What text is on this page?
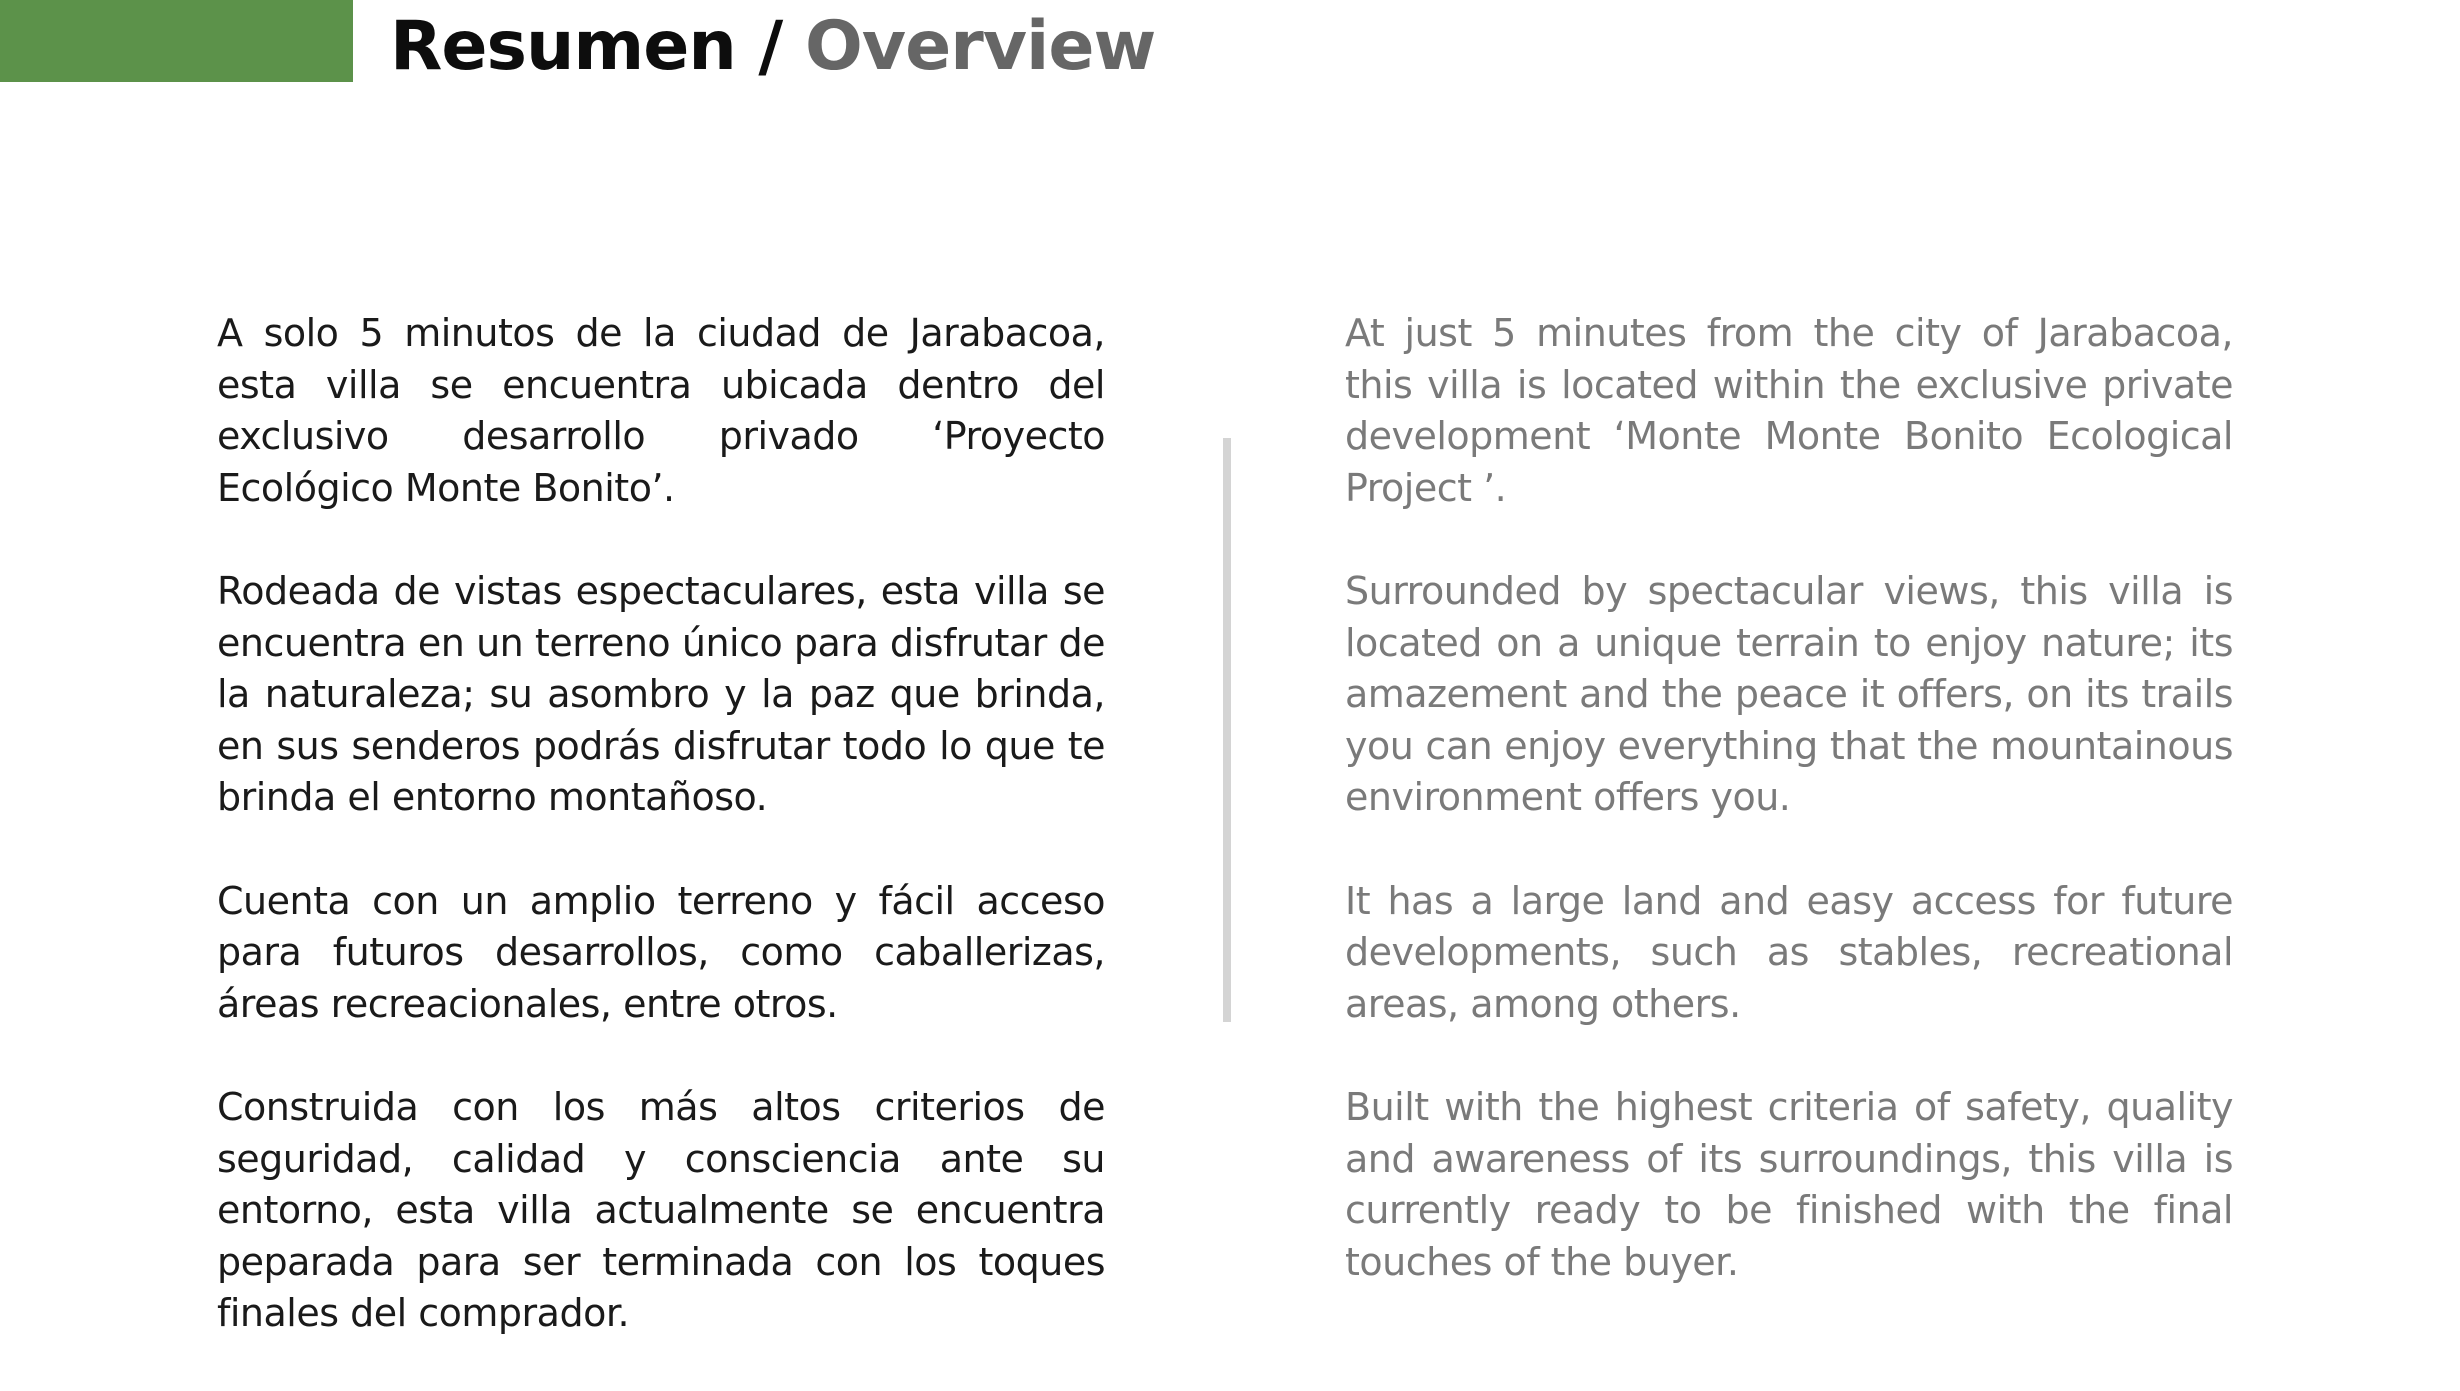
Resumen / Overview

A solo 5 minutos de la ciudad de Jarabacoa, esta villa se encuentra ubicada dentro del exclusivo desarrollo privado ‘Proyecto Ecológico Monte Bonito’.

Rodeada de vistas espectaculares, esta villa se encuentra en un terreno único para disfrutar de la naturaleza; su asombro y la paz que brinda, en sus senderos podrás disfrutar todo lo que te brinda el entorno montañoso.

Cuenta con un amplio terreno y fácil acceso para futuros desarrollos, como caballerizas, áreas recreacionales, entre otros.

Construida con los más altos criterios de seguridad, calidad y consciencia ante su entorno, esta villa actualmente se encuentra peparada para ser terminada con los toques finales del comprador.

At just 5 minutes from the city of Jarabacoa, this villa is located within the exclusive private development ‘Monte Monte Bonito Ecological Project ’.

Surrounded by spectacular views, this villa is located on a unique terrain to enjoy nature; its amazement and the peace it offers, on its trails you can enjoy everything that the mountainous environment offers you.

It has a large land and easy access for future developments, such as stables, recreational areas, among others.

Built with the highest criteria of safety, quality and awareness of its surroundings, this villa is currently ready to be finished with the final touches of the buyer.
